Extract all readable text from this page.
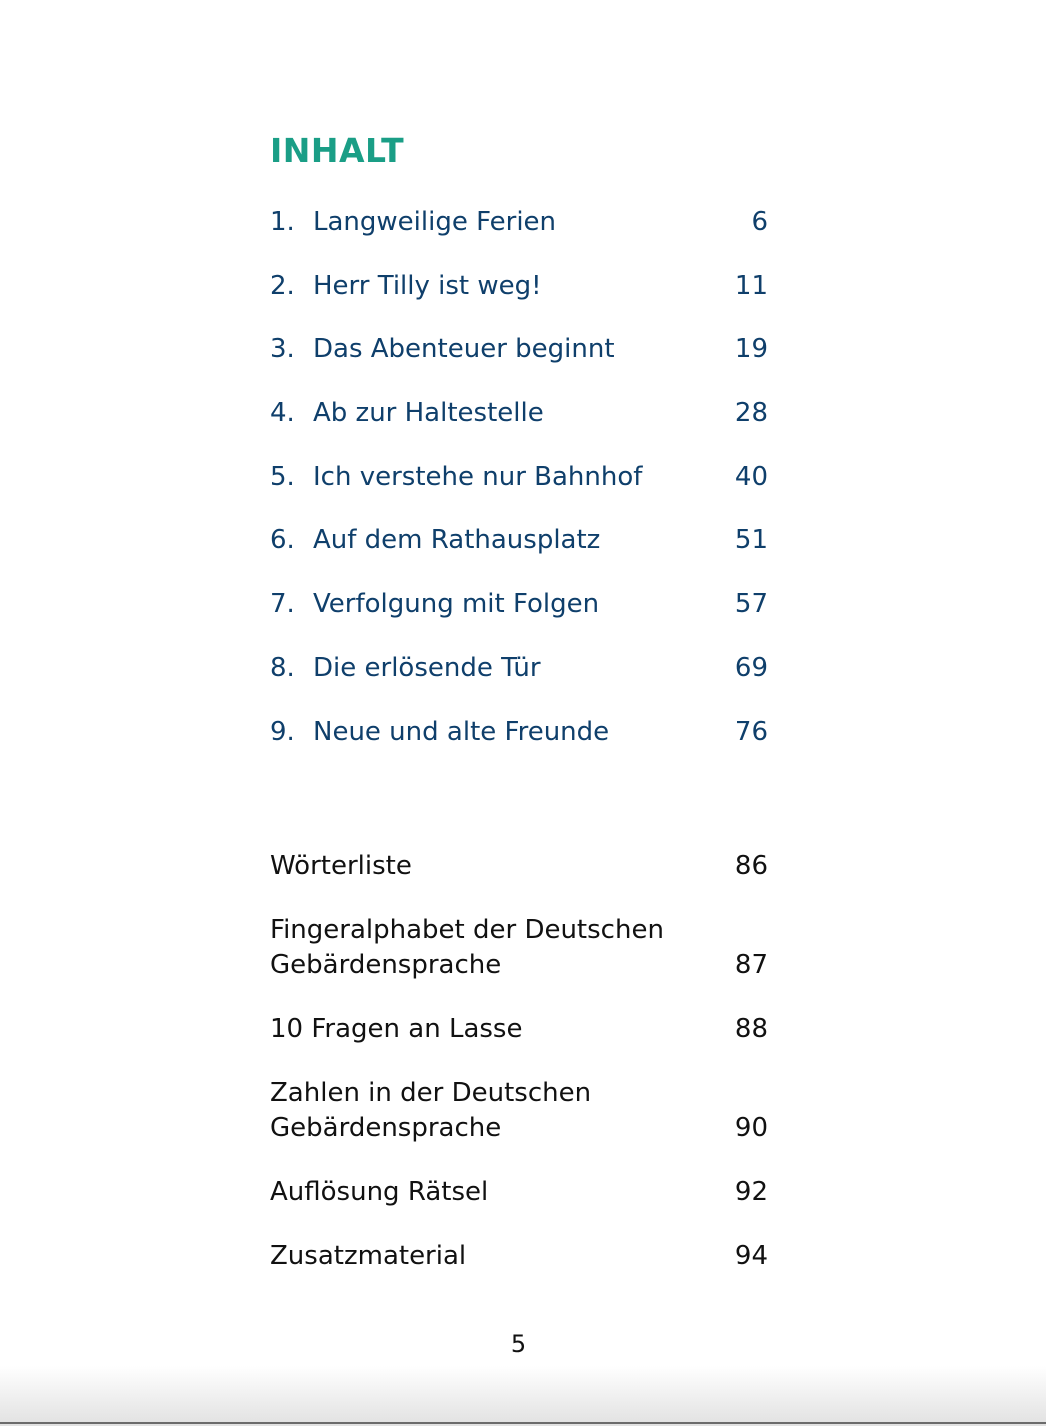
INHALT
1. Langweilige Ferien	6
2. Herr Tilly ist weg!	11
3. Das Abenteuer beginnt	19
4. Ab zur Haltestelle	28
5. Ich verstehe nur Bahnhof	40
6. Auf dem Rathausplatz	51
7. Verfolgung mit Folgen	57
8. Die erlösende Tür	69
9. Neue und alte Freunde	76
Wörterliste	86
Fingeralphabet der Deutschen
Gebärdensprache	87
10 Fragen an Lasse	88
Zahlen in der Deutschen
Gebärdensprache	90
Auflösung Rätsel	92
Zusatzmaterial	94
5
